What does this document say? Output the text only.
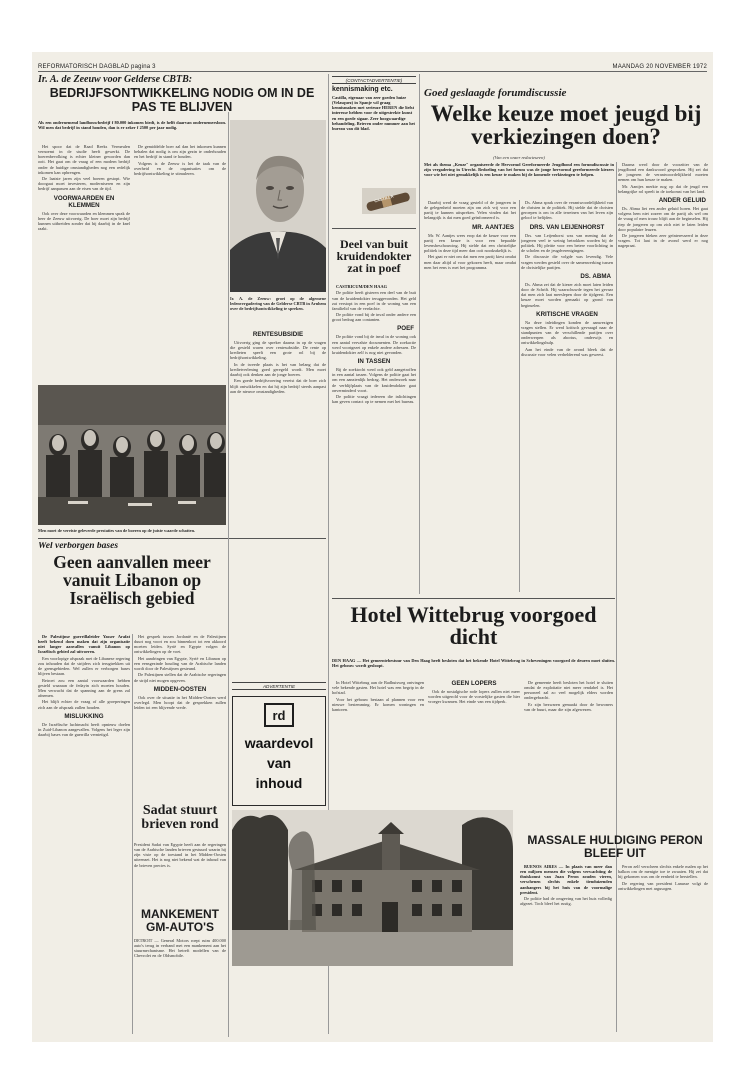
REFORMATORISCH DAGBLAD pagina 3	MAANDAG 20 NOVEMBER 1972
Ir. A. de Zeeuw voor Gelderse CBTB:
BEDRIJFSONTWIKKELING NODIG OM IN DE PAS TE BLIJVEN
Als een ondernemend landbouwbedrijf f 80.000 inkomen biedt, is de helft daarvan ondernemersloon. Wil men dat bedrijf in stand houden, dan is er zeker f 2500 per jaar nodig.

Het spoor dat de Raad Reeks Vermeulen vernoemt in de studie heeft gewerkt. De boerenbevolking is echter kleiner geworden dan ooit. Het gaat om de vraag of een modern bedrijf onder de huidige omstandigheden nog een redelijk inkomen kan opbrengen.

De laatste jaren zijn veel boeren gestopt. Wie doorgaat moet investeren, moderniseren en zijn bedrijf aanpassen aan de eisen van de tijd.

VOORWAARDEN EN KLEMMEN

Ook over deze voorwaarden en klemmen sprak de heer de Zeeuw uitvoerig. De boer moet zijn bedrijf kunnen uitbreiden zonder dat hij daarbij in de knel raakt.

De gemiddelde boer zal dan het inkomen kunnen behalen dat nodig is om zijn gezin te onderhouden en het bedrijf in stand te houden.

Volgens ir. de Zeeuw is het de taak van de overheid en de organisaties om de bedrijfsontwikkeling te stimuleren.

Ir. A. de Zeeuw: groei op de algemene ledenvergadering van de Gelderse CBTB in Arnhem over de bedrijfsontwikkeling te spreken.
RENTESUBSIDIE

Uitvoerig ging de spreker daarna in op de vragen die gesteld waren over rentesubsidie. De rente op kredieten speelt een grote rol bij de bedrijfsontwikkeling.

In de tweede plaats is het van belang dat de kredietverlening goed geregeld wordt. Men moet daarbij ook denken aan de jonge boeren.

Een goede bedrijfsvoering vereist dat de boer zich blijft ontwikkelen en dat hij zijn bedrijf steeds aanpast aan de nieuwe omstandigheden.

Men moet de vereiste geleverde prestaties van de boeren op de juiste waarde schatten.
Wel verborgen bases
Geen aanvallen meer vanuit Libanon op Israëlisch gebied

De Palestijnse guerrillaleider Yasser Arafat heeft bekend doen maken dat zijn organisatie niet langer aanvallen vanuit Libanon op Israëlisch gebied zal uitvoeren.

Een voorlopige afspraak met de Libanese regering zou inhouden dat de strijders zich terugtrekken uit de grensgebieden. Wel zullen er verborgen bases blijven bestaan.

Beiroet zou een aantal voorwaarden hebben gesteld waaraan de fedayin zich moeten houden. Men verwacht dat de spanning aan de grens zal afnemen.

Het blijft echter de vraag of alle groeperingen zich aan de afspraak zullen houden.

MISLUKKING

De Israëlische luchtmacht heeft opnieuw doelen in Zuid-Libanon aangevallen. Volgens het leger zijn daarbij bases van de guerrilla vernietigd.

Het gesprek tussen Jordanië en de Palestijnen duurt nog voort en zou binnenkort tot een akkoord moeten leiden. Syrië en Egypte volgen de ontwikkelingen op de voet.

Het aandringen van Egypte, Syrië en Libanon op een eensgezinde houding van de Arabische landen wordt door de Palestijnen gesteund.

De Palestijnen stellen dat de Arabische regeringen de strijd niet mogen opgeven.

MIDDEN-OOSTEN

Ook over de situatie in het Midden-Oosten werd overlegd. Men hoopt dat de gesprekken zullen leiden tot een blijvende vrede.

Sadat stuurt brieven rond
President Sadat van Egypte heeft aan de regeringen van de Arabische landen brieven gestuurd waarin hij zijn visie op de toestand in het Midden-Oosten uiteenzet. Het is nog niet bekend wat de inhoud van de brieven precies is.
MANKEMENT GM-AUTO'S
DETROIT — General Motors roept ruim 400.000 auto's terug in verband met een mankement aan het stuurmechanisme. Het betreft modellen van de Chevrolet en de Oldsmobile.
(CONTACTADVERTENTIE)
kennismaking etc.
Castilla, eigenaar van zeer goeden huize (Velasquez) in Spanje wil graag kennismaken met serieuze HEREN die liefst interesse hebben voor de uitgestrekte kunst en een goede sigaar. Zeer hoogwaardige behandeling. Brieven onder nummer aan het bureau van dit blad.
CASTILLA
Deel van buit kruidendokter zat in poef

CASTRICUM/DEN HAAG

De politie heeft gisteren een deel van de buit van de kruidendokter teruggevonden. Het geld zat verstopt in een poef in de woning van een familielid van de verdachte.

De politie vond bij de inval onder andere een groot bedrag aan contanten.

POEF

De politie vond bij de inval in de woning ook een aantal vervalste documenten. De zoekactie werd voortgezet op enkele andere adressen. De kruidendokter zelf is nog niet gevonden.

IN TASSEN

Bij de zoektocht werd ook geld aangetroffen in een aantal tassen. Volgens de politie gaat het om een aanzienlijk bedrag. Het onderzoek naar de verblijfplaats van de kruidendokter gaat onverminderd voort.

De politie vraagt iedereen die inlichtingen kan geven contact op te nemen met het bureau.

Goed geslaagde forumdiscussie
Welke keuze moet jeugd bij verkiezingen doen?
(Van een onzer redacteuren)
Met als thema „Keuze" organiseerde de Hervormd Gereformeerde Jeugdbond een forumdiscussie in zijn vergadering in Utrecht. Bedoeling van het forum was de jonge hervormd gereformeerde kiezers voor wie het niet gemakkelijk is een keuze te maken bij de komende verkiezingen te helpen.

Daarbij werd de vraag gesteld of de jongeren in de gelegenheid moeten zijn om zich vrij voor een partij te kunnen uitspreken. Velen vinden dat het belangrijk is dat men goed geïnformeerd is.

MR. AANTJES

Mr. W. Aantjes wees erop dat de keuze voor een partij een keuze is voor een bepaalde levensbeschouwing. Hij stelde dat een christelijke politiek in deze tijd meer dan ooit noodzakelijk is.

Het gaat er niet om dat men een partij kiest omdat men daar altijd al voor gekozen heeft, maar omdat men het eens is met het programma.

Ds. Abma sprak over de verantwoordelijkheid van de christen in de politiek. Hij stelde dat de christen geroepen is om in alle terreinen van het leven zijn geloof te belijden.

DRS. VAN LEIJENHORST

Drs. van Leijenhorst was van mening dat de jongeren veel te weinig betrokken worden bij de politiek. Hij pleitte voor een betere voorlichting in de scholen en de jeugdverenigingen.

De discussie die volgde was levendig. Vele vragen werden gesteld over de samenwerking tussen de christelijke partijen.

DS. ABMA

Ds. Abma zei dat de kiezer zich moet laten leiden door de Schrift. Hij waarschuwde tegen het gevaar dat men zich laat meeslepen door de tijdgeest. Een keuze moet worden gemaakt op grond van beginselen.

KRITISCHE VRAGEN

Na deze inleidingen konden de aanwezigen vragen stellen. Er werd kritisch gevraagd naar de standpunten van de verschillende partijen over onderwerpen als abortus, onderwijs en ontwikkelingshulp.

Aan het einde van de avond bleek dat de discussie voor velen verhelderend was geweest.

Daarna werd door de voorzitter van de jeugdbond een dankwoord gesproken. Hij zei dat de jongeren de verantwoordelijkheid moeten nemen om hun keuze te maken.

Mr. Aantjes merkte nog op dat de jeugd een belangrijke rol speelt in de toekomst van het land.

ANDER GELUID

Ds. Abma liet een ander geluid horen. Het gaat volgens hem niet zozeer om de partij als wel om de vraag of men trouw blijft aan de beginselen. Hij riep de jongeren op om zich niet te laten leiden door populaire leuzen.

De jongeren bleken zeer geïnteresseerd in deze vragen. Tot laat in de avond werd er nog nagepraat.

Hotel Wittebrug voorgoed dicht
DEN HAAG — Het gemeentebestuur van Den Haag heeft besloten dat het bekende Hotel Wittebrug in Scheveningen voorgoed de deuren moet sluiten. Het gebouw wordt gesloopt.

In Hotel Wittebrug aan de Badhuisweg ontvingen vele bekende gasten. Het hotel was een begrip in de hofstad.

Voor het gebouw bestaan al plannen voor een nieuwe bestemming. Er komen woningen en kantoren.

GEEN LOPERS

Ook de nostalgische rode lopers zullen niet meer worden uitgerold voor de vorstelijke gasten die hier vroeger kwamen. Het einde van een tijdperk.

De gemeente heeft besloten het hotel te sluiten omdat de exploitatie niet meer rendabel is. Het personeel zal zo veel mogelijk elders worden ondergebracht.

Er zijn bezwaren gemaakt door de bewoners van de buurt, maar die zijn afgewezen.

ADVERTENTIE
rd
waardevol
van
inhoud
MASSALE HULDIGING PERON BLEEF UIT

BUENOS AIRES — In plaats van meer dan een miljoen mensen die volgens verwachting de thuiskomst van Juan Peron zouden vieren, verschenen slechts enkele tienduizenden aanhangers bij het huis van de voormalige president.

De politie had de omgeving van het huis volledig afgezet. Toch bleef het rustig.

Peron zelf verscheen slechts enkele malen op het balkon om de menigte toe te zwaaien. Hij zei dat hij gekomen was om de eenheid te herstellen.

De regering van president Lanusse volgt de ontwikkelingen met argusogen.
